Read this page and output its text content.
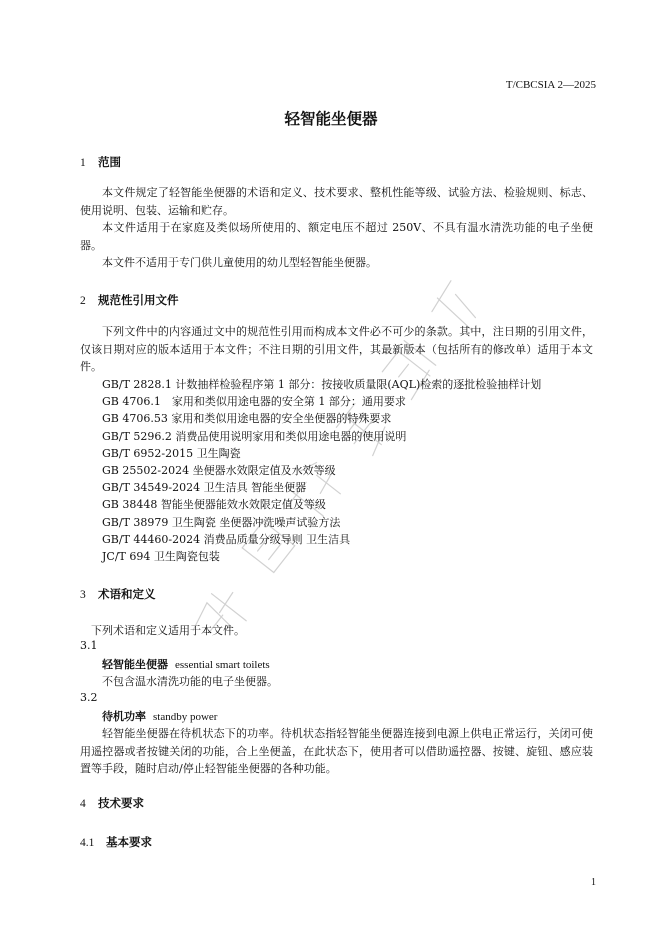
T/CBCSIA 2—2025
轻智能坐便器
1 范围

本文件规定了轻智能坐便器的术语和定义、技术要求、整机性能等级、试验方法、检验规则、标志、使用说明、包装、运输和贮存。

本文件适用于在家庭及类似场所使用的、额定电压不超过 250V、不具有温水清洗功能的电子坐便器。

本文件不适用于专门供儿童使用的幼儿型轻智能坐便器。

2 规范性引用文件

下列文件中的内容通过文中的规范性引用而构成本文件必不可少的条款。其中，注日期的引用文件，仅该日期对应的版本适用于本文件；不注日期的引用文件，其最新版本（包括所有的修改单）适用于本文件。

GB/T 2828.1 计数抽样检验程序第 1 部分：按接收质量限(AQL)检索的逐批检验抽样计划
GB 4706.1　家用和类似用途电器的安全第 1 部分：通用要求
GB 4706.53 家用和类似用途电器的安全坐便器的特殊要求
GB/T 5296.2 消费品使用说明家用和类似用途电器的使用说明
GB/T 6952-2015 卫生陶瓷
GB 25502-2024 坐便器水效限定值及水效等级
GB/T 34549-2024 卫生洁具 智能坐便器
GB 38448 智能坐便器能效水效限定值及等级
GB/T 38979 卫生陶瓷 坐便器冲洗噪声试验方法
GB/T 44460-2024 消费品质量分级导则 卫生洁具
JC/T 694 卫生陶瓷包装
3 术语和定义
下列术语和定义适用于本文件。
3.1
轻智能坐便器 essential smart toilets
不包含温水清洗功能的电子坐便器。
3.2
待机功率 standby power

轻智能坐便器在待机状态下的功率。待机状态指轻智能坐便器连接到电源上供电正常运行，关闭可使用遥控器或者按键关闭的功能，合上坐便盖，在此状态下，使用者可以借助遥控器、按键、旋钮、感应装置等手段，随时启动/停止轻智能坐便器的各种功能。

4 技术要求
4.1 基本要求
1
